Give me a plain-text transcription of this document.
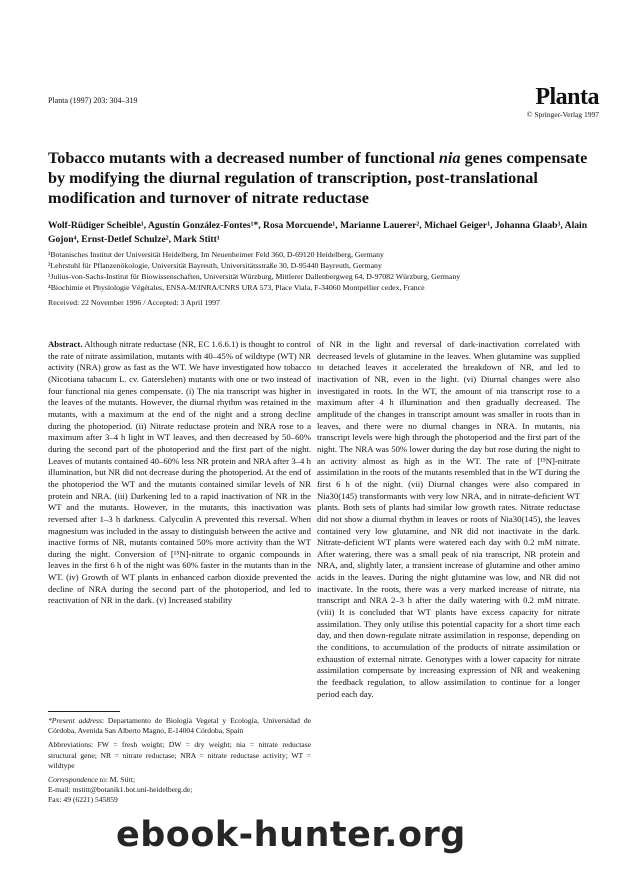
Planta (1997) 203: 304–319	Planta
© Springer-Verlag 1997
Tobacco mutants with a decreased number of functional nia genes compensate by modifying the diurnal regulation of transcription, post-translational modification and turnover of nitrate reductase
Wolf-Rüdiger Scheible¹, Agustín González-Fontes¹*, Rosa Morcuende¹, Marianne Lauerer², Michael Geiger¹, Johanna Glaab³, Alain Gojon⁴, Ernst-Detlef Schulze², Mark Stitt¹
¹Botanisches Institut der Universität Heidelberg, Im Neuenheimer Feld 360, D-69120 Heidelberg, Germany
²Lehrstuhl für Pflanzenökologie, Universität Bayreuth, Universitätsstraße 30, D-95440 Bayreuth, Germany
³Julius-von-Sachs-Institut für Biowissenschaften, Universität Würzburg, Mittlerer Dallenbergweg 64, D-97082 Würzburg, Germany
⁴Biochimie et Physiologie Végétales, ENSA-M/INRA/CNRS URA 573, Place Viala, F-34060 Montpellier cedex, France
Received: 22 November 1996 / Accepted: 3 April 1997
Abstract. Although nitrate reductase (NR, EC 1.6.6.1) is thought to control the rate of nitrate assimilation, mutants with 40–45% of wildtype (WT) NR activity (NRA) grow as fast as the WT. We have investigated how tobacco (Nicotiana tabacum L. cv. Gatersleben) mutants with one or two instead of four functional nia genes compensate. (i) The nia transcript was higher in the leaves of the mutants. However, the diurnal rhythm was retained in the mutants, with a maximum at the end of the night and a strong decline during the photoperiod. (ii) Nitrate reductase protein and NRA rose to a maximum after 3–4 h light in WT leaves, and then decreased by 50–60% during the second part of the photoperiod and the first part of the night. Leaves of mutants contained 40–60% less NR protein and NRA after 3–4 h illumination, but NR did not decrease during the photoperiod. At the end of the photoperiod the WT and the mutants contained similar levels of NR protein and NRA. (iii) Darkening led to a rapid inactivation of NR in the WT and the mutants. However, in the mutants, this inactivation was reversed after 1–3 h darkness. Calyculin A prevented this reversal. When magnesium was included in the assay to distinguish between the active and inactive forms of NR, mutants contained 50% more activity than the WT during the night. Conversion of [¹⁵N]-nitrate to organic compounds in leaves in the first 6 h of the night was 60% faster in the mutants than in the WT. (iv) Growth of WT plants in enhanced carbon dioxide prevented the decline of NRA during the second part of the photoperiod, and led to reactivation of NR in the dark. (v) Increased stability
of NR in the light and reversal of dark-inactivation correlated with decreased levels of glutamine in the leaves. When glutamine was supplied to detached leaves it accelerated the breakdown of NR, and led to inactivation of NR, even in the light. (vi) Diurnal changes were also investigated in roots. In the WT, the amount of nia transcript rose to a maximum after 4 h illumination and then gradually decreased. The amplitude of the changes in transcript amount was smaller in roots than in leaves, and there were no diurnal changes in NRA. In mutants, nia transcript levels were high through the photoperiod and the first part of the night. The NRA was 50% lower during the day but rose during the night to an activity almost as high as in the WT. The rate of [¹⁵N]-nitrate assimilation in the roots of the mutants resembled that in the WT during the first 6 h of the night. (vii) Diurnal changes were also compared in Nia30(145) transformants with very low NRA, and in nitrate-deficient WT plants. Both sets of plants had similar low growth rates. Nitrate reductase did not show a diurnal rhythm in leaves or roots of Nia30(145), the leaves contained very low glutamine, and NR did not inactivate in the dark. Nitrate-deficient WT plants were watered each day with 0.2 mM nitrate. After watering, there was a small peak of nia transcript, NR protein and NRA, and, slightly later, a transient increase of glutamine and other amino acids in the leaves. During the night glutamine was low, and NR did not inactivate. In the roots, there was a very marked increase of nitrate, nia transcript and NRA 2–3 h after the daily watering with 0.2 mM nitrate. (viii) It is concluded that WT plants have excess capacity for nitrate assimilation. They only utilise this potential capacity for a short time each day, and then down-regulate nitrate assimilation in response, depending on the conditions, to accumulation of the products of nitrate assimilation or exhaustion of external nitrate. Genotypes with a lower capacity for nitrate assimilation compensate by increasing expression of NR and weakening the feedback regulation, to allow assimilation to continue for a longer period each day.

*Present address: Departamento de Biología Vegetal y Ecología, Universidad de Córdoba, Avenida San Alberto Magno, E-14004 Córdoba, Spain

Abbreviations: FW = fresh weight; DW = dry weight; nia = nitrate reductase structural gene; NR = nitrate reductase; NRA = nitrate reductase activity; WT = wildtype

Correspondence to: M. Stitt;
E-mail: mstitt@botanik1.bot.uni-heidelberg.de;
Fax: 49 (6221) 545859

ebook-hunter.org
